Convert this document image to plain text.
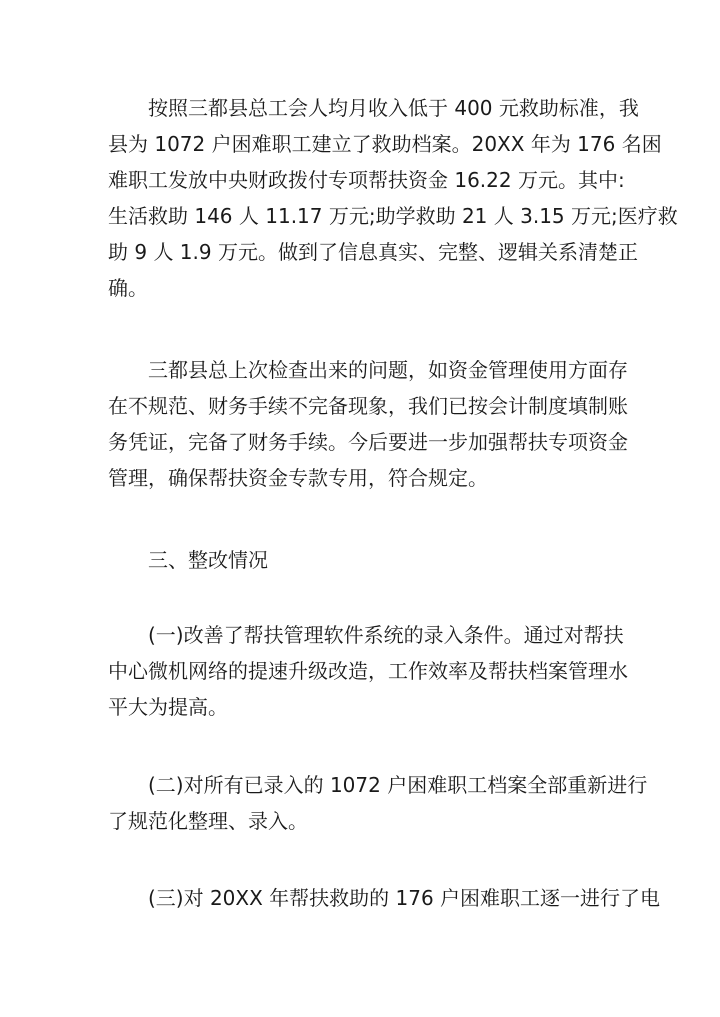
按照三都县总工会人均月收入低于 400 元救助标准，我
县为 1072 户困难职工建立了救助档案。20XX 年为 176 名困
难职工发放中央财政拨付专项帮扶资金 16.22 万元。其中:
生活救助 146 人 11.17 万元;助学救助 21 人 3.15 万元;医疗救
助 9 人 1.9 万元。做到了信息真实、完整、逻辑关系清楚正
确。
三都县总上次检查出来的问题，如资金管理使用方面存
在不规范、财务手续不完备现象，我们已按会计制度填制账
务凭证，完备了财务手续。今后要进一步加强帮扶专项资金
管理，确保帮扶资金专款专用，符合规定。
三、整改情况
(一)改善了帮扶管理软件系统的录入条件。通过对帮扶
中心微机网络的提速升级改造，工作效率及帮扶档案管理水
平大为提高。
(二)对所有已录入的 1072 户困难职工档案全部重新进行
了规范化整理、录入。
(三)对 20XX 年帮扶救助的 176 户困难职工逐一进行了电
